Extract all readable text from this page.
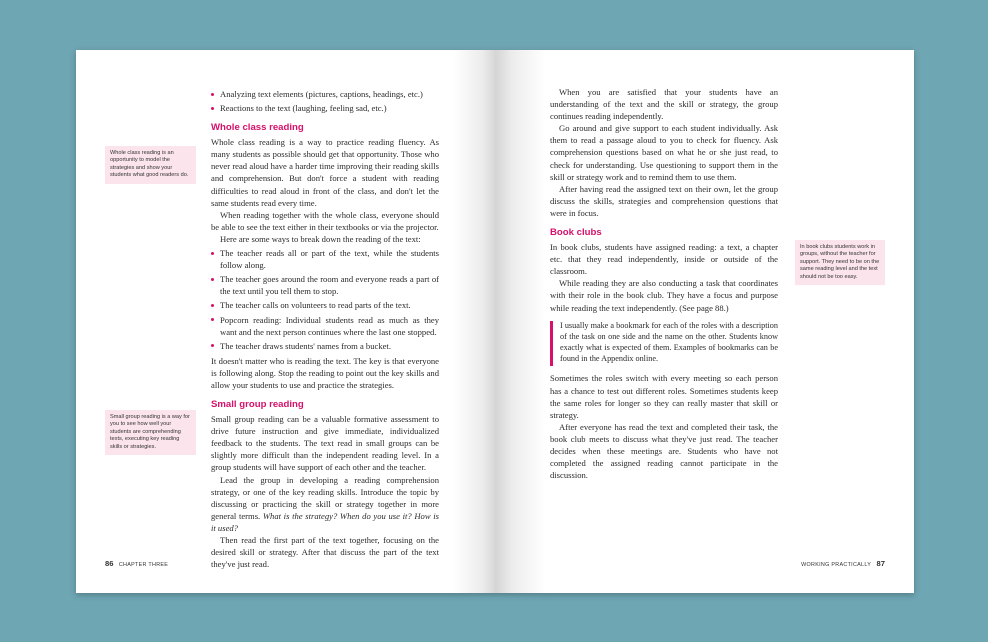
Analyzing text elements (pictures, captions, headings, etc.)
Reactions to the text (laughing, feeling sad, etc.)
Whole class reading

Whole class reading is a way to practice reading fluency. As many students as possible should get that opportunity. Those who never read aloud have a harder time improving their reading skills and comprehension. But don't force a student with reading difficulties to read aloud in front of the class, and don't let the same students read every time.

When reading together with the whole class, everyone should be able to see the text either in their textbooks or via the projector.

Here are some ways to break down the reading of the text:

The teacher reads all or part of the text, while the students follow along.
The teacher goes around the room and everyone reads a part of the text until you tell them to stop.
The teacher calls on volunteers to read parts of the text.
Popcorn reading: Individual students read as much as they want and the next person continues where the last one stopped.
The teacher draws students' names from a bucket.

It doesn't matter who is reading the text. The key is that everyone is following along. Stop the reading to point out the key skills and allow your students to use and practice the strategies.

Small group reading

Small group reading can be a valuable formative assessment to drive future instruction and give immediate, individualized feedback to the students. The text read in small groups can be slightly more difficult than the independent reading level. In a group students will have support of each other and the teacher.

Lead the group in developing a reading comprehension strategy, or one of the key reading skills. Introduce the topic by discussing or practicing the skill or strategy together in more general terms. What is the strategy? When do you use it? How is it used?

Then read the first part of the text together, focusing on the desired skill or strategy. After that discuss the part of the text they've just read.

Whole class reading is an opportunity to model the strategies and show your students what good readers do.
Small group reading is a way for you to see how well your students are comprehending texts, executing key reading skills or strategies.
86 CHAPTER THREE

When you are satisfied that your students have an understanding of the text and the skill or strategy, the group continues reading independently.

Go around and give support to each student individually. Ask them to read a passage aloud to you to check for fluency. Ask comprehension questions based on what he or she just read, to check for understanding. Use questioning to support them in the skill or strategy work and to remind them to use them.

After having read the assigned text on their own, let the group discuss the skills, strategies and comprehension questions that were in focus.

Book clubs

In book clubs, students have assigned reading: a text, a chapter etc. that they read independently, inside or outside of the classroom.

While reading they are also conducting a task that coordinates with their role in the book club. They have a focus and purpose while reading the text independently. (See page 88.)

I usually make a bookmark for each of the roles with a description of the task on one side and the name on the other. Students know exactly what is expected of them. Examples of bookmarks can be found in the Appendix online.

Sometimes the roles switch with every meeting so each person has a chance to test out different roles. Sometimes students keep the same roles for longer so they can really master that skill or strategy.

After everyone has read the text and completed their task, the book club meets to discuss what they've just read. The teacher decides when these meetings are. Students who have not completed the assigned reading cannot participate in the discussion.

In book clubs students work in groups, without the teacher for support. They need to be on the same reading level and the text should not be too easy.
WORKING PRACTICALLY 87
